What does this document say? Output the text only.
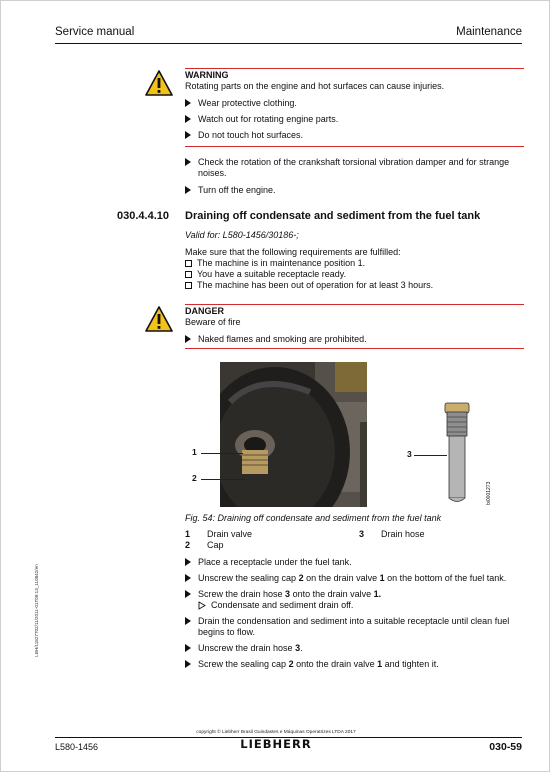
Service manual	Maintenance
LBH/11827702/11/2011-01T09:13_110842/en
WARNING
Rotating parts on the engine and hot surfaces can cause injuries.
Wear protective clothing.
Watch out for rotating engine parts.
Do not touch hot surfaces.
Check the rotation of the crankshaft torsional vibration damper and for strange noises.
Turn off the engine.
030.4.4.10 Draining off condensate and sediment from the fuel tank
Valid for: L580-1456/30186-;
Make sure that the following requirements are fulfilled:
The machine is in maintenance position 1.
You have a suitable receptacle ready.
The machine has been out of operation for at least 3 hours.
DANGER
Beware of fire
Naked flames and smoking are prohibited.
1
2
3
bi0001273
Fig. 54: Draining off condensate and sediment from the fuel tank
1 Drain valve
2 Cap
3 Drain hose
Place a receptacle under the fuel tank.
Unscrew the sealing cap 2 on the drain valve 1 on the bottom of the fuel tank.
Screw the drain hose 3 onto the drain valve 1.
Condensate and sediment drain off.
Drain the condensation and sediment into a suitable receptacle until clean fuel begins to flow.
Unscrew the drain hose 3.
Screw the sealing cap 2 onto the drain valve 1 and tighten it.
copyright © Liebherr Brasil Guindastes e Máquinas Operatrizes LTDA 2017
L580-1456	LIEBHERR	030-59
